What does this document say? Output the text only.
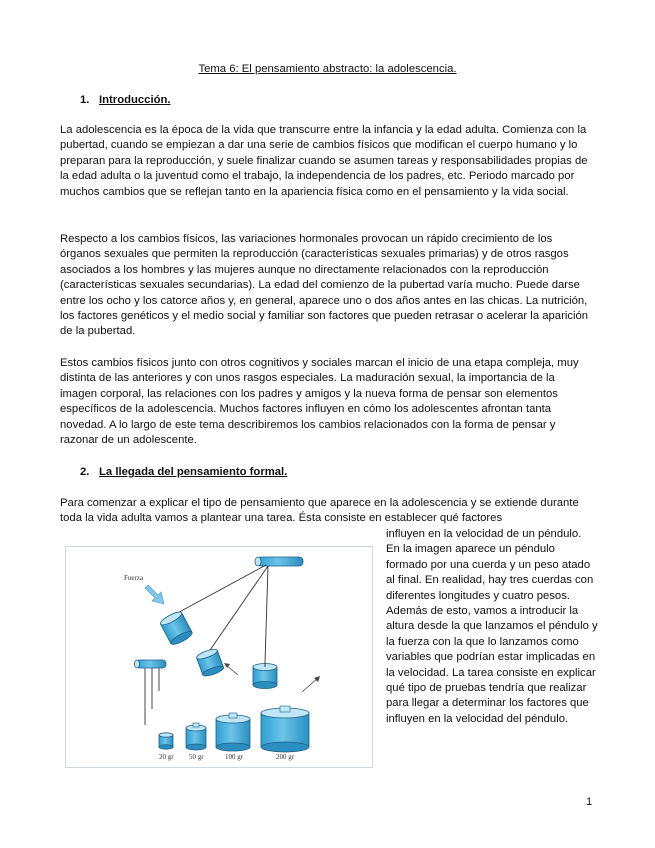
Tema 6: El pensamiento abstracto: la adolescencia.
1. Introducción.

La adolescencia es la época de la vida que transcurre entre la infancia y la edad adulta. Comienza con la pubertad, cuando se empiezan a dar una serie de cambios físicos que modifican el cuerpo humano y lo preparan para la reproducción, y suele finalizar cuando se asumen tareas y responsabilidades propias de la edad adulta o la juventud como el trabajo, la independencia de los padres, etc. Periodo marcado por muchos cambios que se reflejan tanto en la apariencia física como en el pensamiento y la vida social.

Respecto a los cambios físicos, las variaciones hormonales provocan un rápido crecimiento de los órganos sexuales que permiten la reproducción (características sexuales primarias) y de otros rasgos asociados a los hombres y las mujeres aunque no directamente relacionados con la reproducción (características sexuales secundarias). La edad del comienzo de la pubertad varía mucho. Puede darse entre los ocho y los catorce años y, en general, aparece uno o dos años antes en las chicas. La nutrición, los factores genéticos y el medio social y familiar son factores que pueden retrasar o acelerar la aparición de la pubertad.

Estos cambios físicos junto con otros cognitivos y sociales marcan el inicio de una etapa compleja, muy distinta de las anteriores y con unos rasgos especiales. La maduración sexual, la importancia de la imagen corporal, las relaciones con los padres y amigos y la nueva forma de pensar son elementos específicos de la adolescencia. Muchos factores influyen en cómo los adolescentes afrontan tanta novedad. A lo largo de este tema describiremos los cambios relacionados con la forma de pensar y razonar de un adolescente.

2. La llegada del pensamiento formal.

Para comenzar a explicar el tipo de pensamiento que aparece en la adolescencia y se extiende durante toda la vida adulta vamos a plantear una tarea. Ésta consiste en establecer qué factores

influyen en la velocidad de un péndulo. En la imagen aparece un péndulo formado por una cuerda y un peso atado al final. En realidad, hay tres cuerdas con diferentes longitudes y cuatro pesos. Además de esto, vamos a introducir la altura desde la que lanzamos el péndulo y la fuerza con la que lo lanzamos como variables que podrían estar implicadas en la velocidad. La tarea consiste en explicar qué tipo de pruebas tendría que realizar para llegar a determinar los factores que influyen en la velocidad del péndulo.

Fuerza
20 gr 50 gr	100 gr	200 gr

1
